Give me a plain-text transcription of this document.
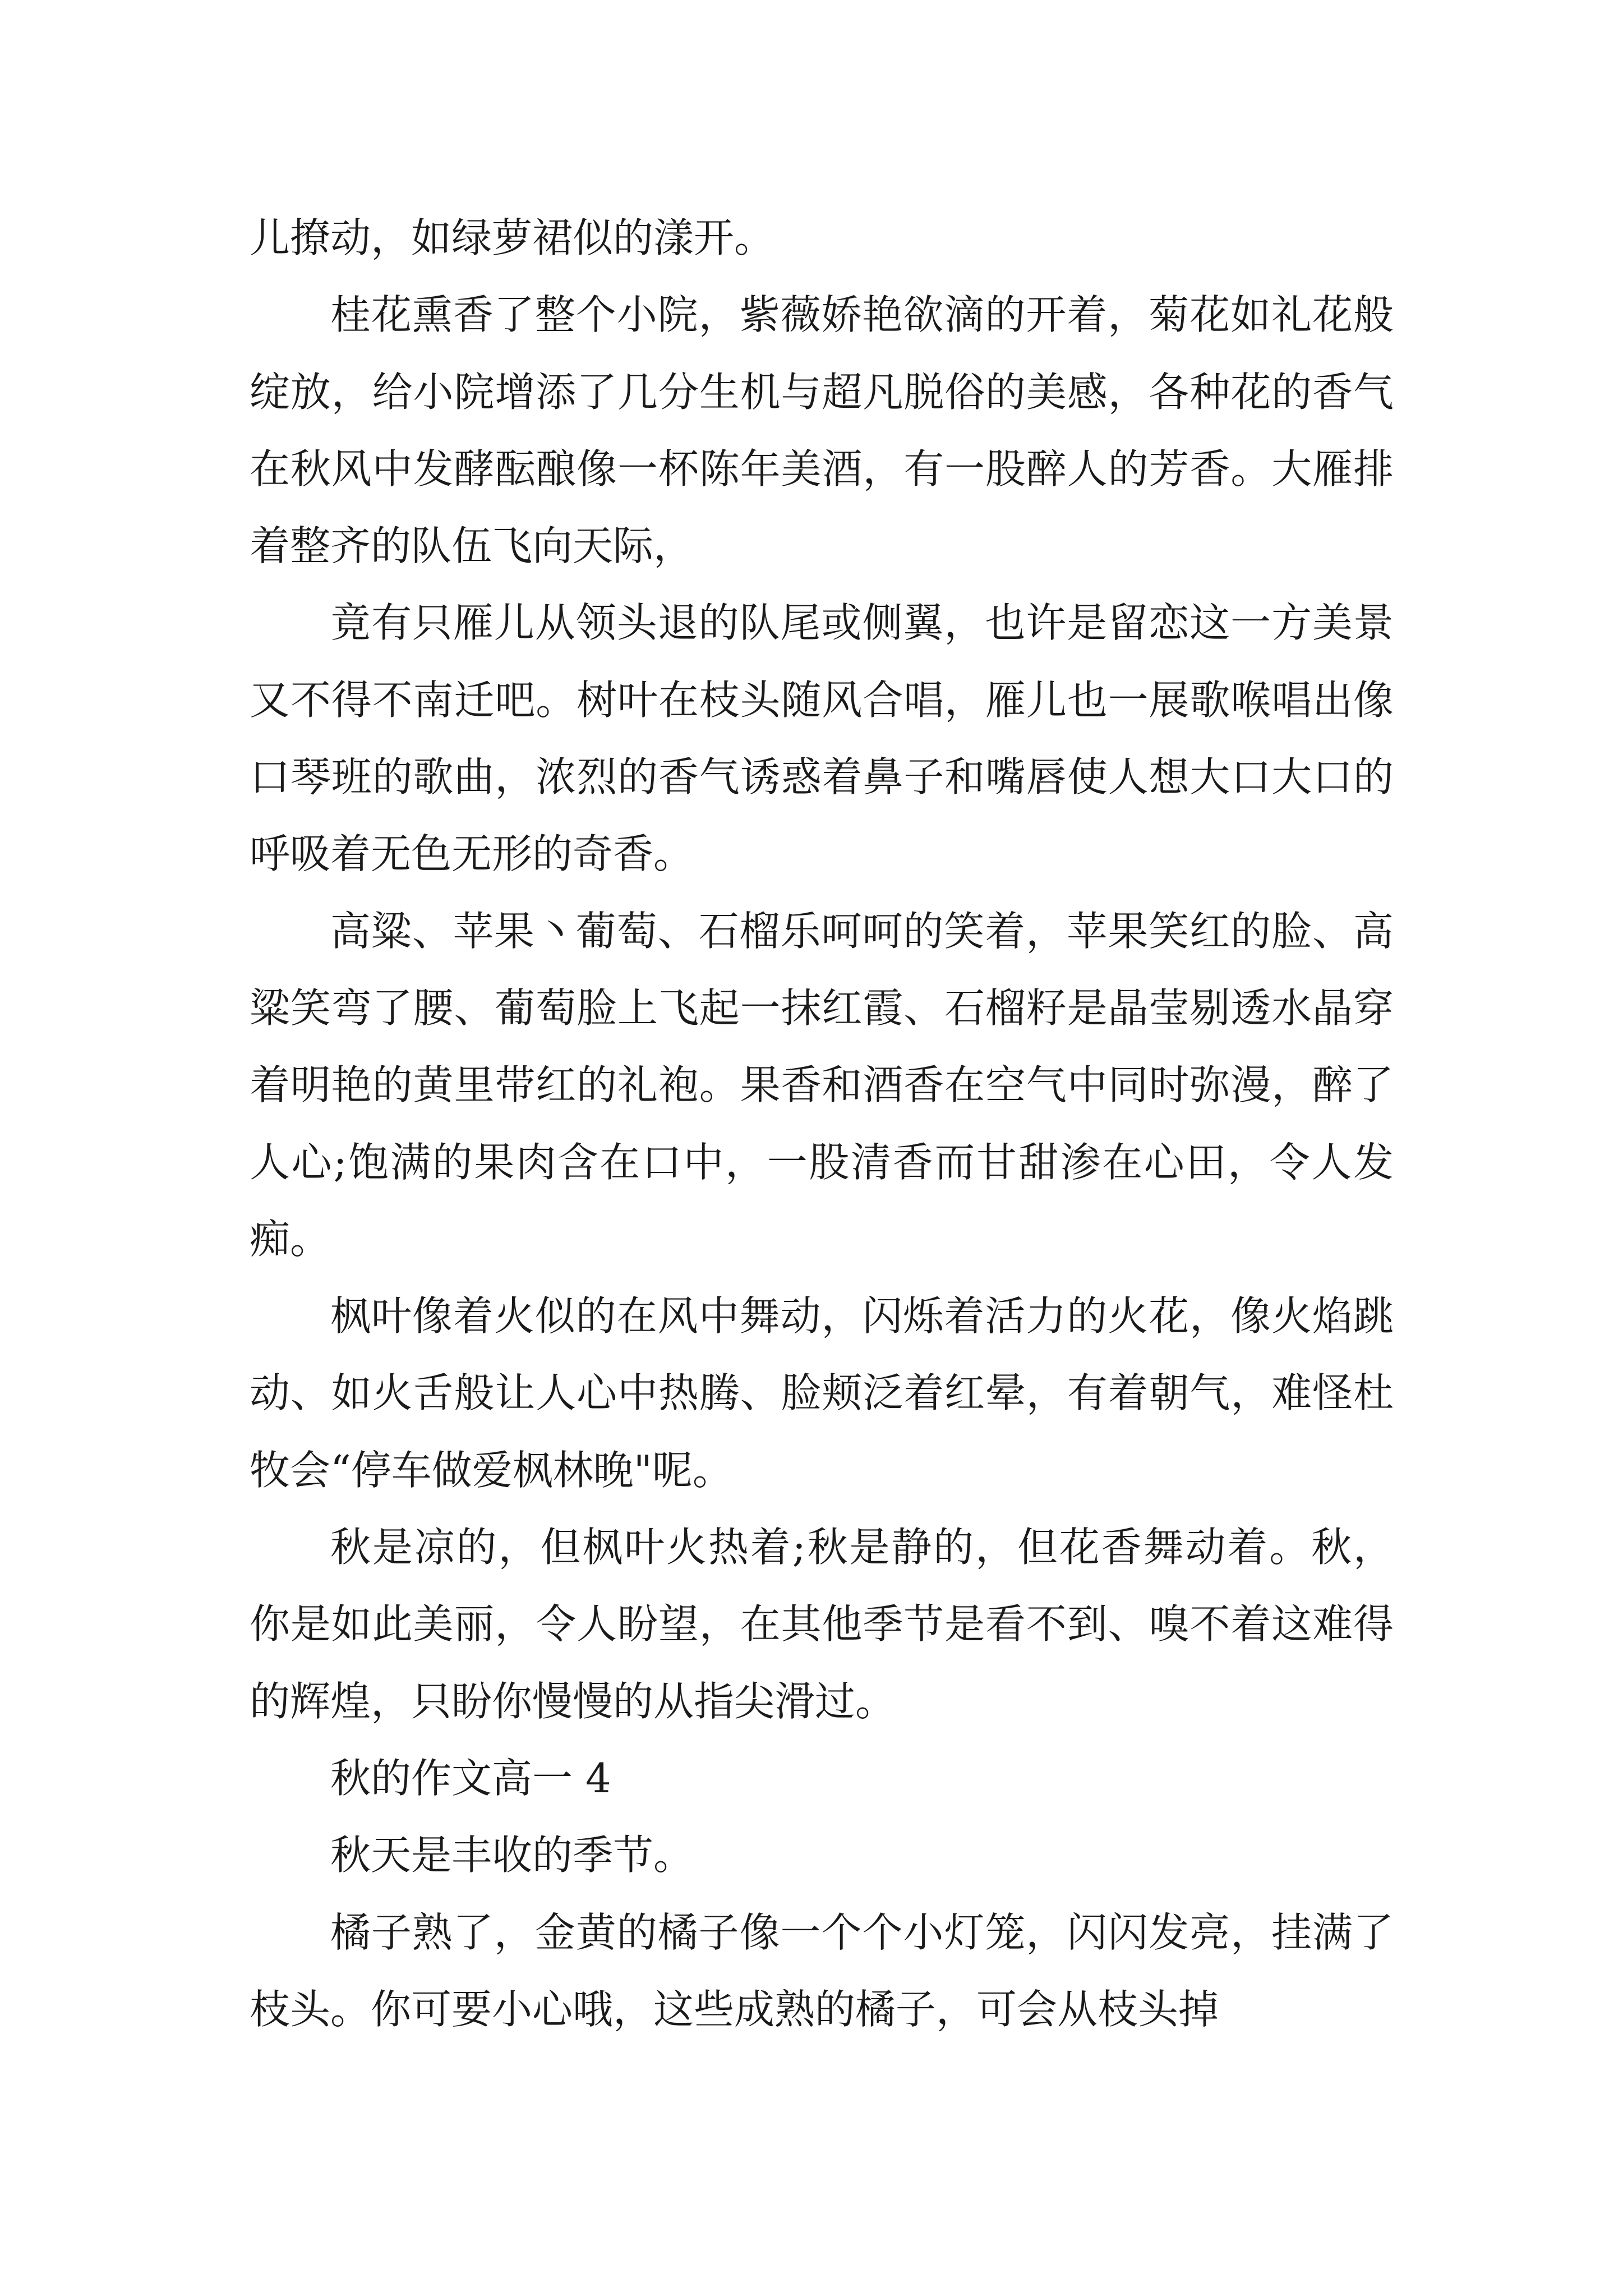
儿撩动，如绿萝裙似的漾开。

桂花熏香了整个小院，紫薇娇艳欲滴的开着，菊花如礼花般绽放，给小院增添了几分生机与超凡脱俗的美感，各种花的香气在秋风中发酵酝酿像一杯陈年美酒，有一股醉人的芳香。大雁排着整齐的队伍飞向天际，

竟有只雁儿从领头退的队尾或侧翼，也许是留恋这一方美景又不得不南迁吧。树叶在枝头随风合唱，雁儿也一展歌喉唱出像口琴班的歌曲，浓烈的香气诱惑着鼻子和嘴唇使人想大口大口的呼吸着无色无形的奇香。

高粱、苹果丶葡萄、石榴乐呵呵的笑着，苹果笑红的脸、高粱笑弯了腰、葡萄脸上飞起一抹红霞、石榴籽是晶莹剔透水晶穿着明艳的黄里带红的礼袍。果香和酒香在空气中同时弥漫，醉了人心;饱满的果肉含在口中，一股清香而甘甜渗在心田，令人发痴。

枫叶像着火似的在风中舞动，闪烁着活力的火花，像火焰跳动、如火舌般让人心中热腾、脸颊泛着红晕，有着朝气，难怪杜牧会“停车做爱枫林晚"呢。

秋是凉的，但枫叶火热着;秋是静的，但花香舞动着。秋，你是如此美丽，令人盼望，在其他季节是看不到、嗅不着这难得的辉煌，只盼你慢慢的从指尖滑过。

秋的作文高一 4

秋天是丰收的季节。

橘子熟了，金黄的橘子像一个个小灯笼，闪闪发亮，挂满了枝头。你可要小心哦，这些成熟的橘子，可会从枝头掉
